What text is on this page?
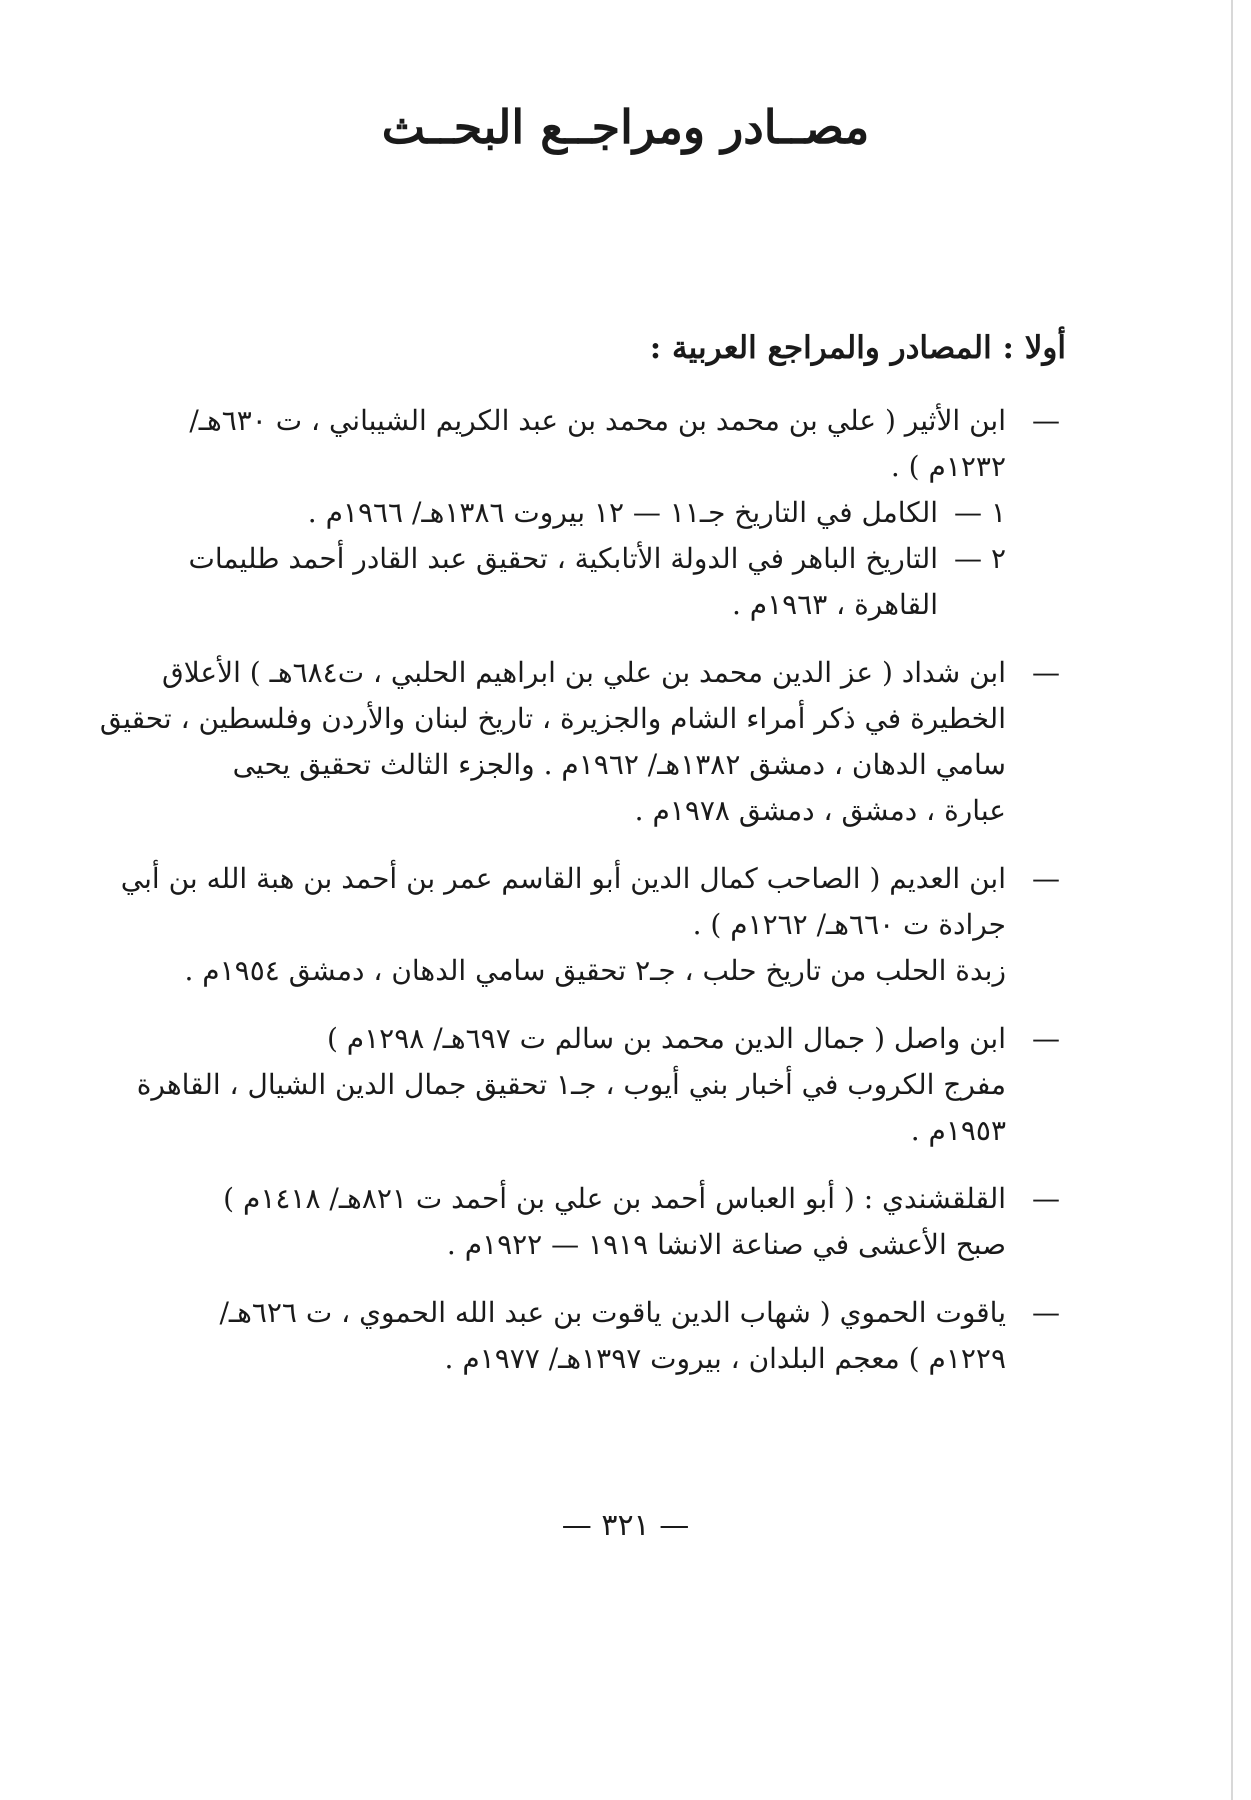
مصــادر ومراجــع البحــث
أولا : المصادر والمراجع العربية :
—
ابن الأثير ( علي بن محمد بن محمد بن عبد الكريم الشيباني ، ت ٦٣٠هـ/
١٢٣٢م ) .
١ —
الكامل في التاريخ جـ١١ — ١٢ بيروت ١٣٨٦هـ/ ١٩٦٦م .
٢ —
التاريخ الباهر في الدولة الأتابكية ، تحقيق عبد القادر أحمد طليمات
القاهرة ، ١٩٦٣م .
—
ابن شداد ( عز الدين محمد بن علي بن ابراهيم الحلبي ، ت٦٨٤هـ ) الأعلاق
الخطيرة في ذكر أمراء الشام والجزيرة ، تاريخ لبنان والأردن وفلسطين ، تحقيق
سامي الدهان ، دمشق ١٣٨٢هـ/ ١٩٦٢م . والجزء الثالث تحقيق يحيى
عبارة ، دمشق ، دمشق ١٩٧٨م .
—
ابن العديم ( الصاحب كمال الدين أبو القاسم عمر بن أحمد بن هبة الله بن أبي
جرادة ت ٦٦٠هـ/ ١٢٦٢م ) .
زبدة الحلب من تاريخ حلب ، جـ٢ تحقيق سامي الدهان ، دمشق ١٩٥٤م .
—
ابن واصل ( جمال الدين محمد بن سالم ت ٦٩٧هـ/ ١٢٩٨م )
مفرج الكروب في أخبار بني أيوب ، جـ١ تحقيق جمال الدين الشيال ، القاهرة
١٩٥٣م .
—
القلقشندي : ( أبو العباس أحمد بن علي بن أحمد ت ٨٢١هـ/ ١٤١٨م )
صبح الأعشى في صناعة الانشا ١٩١٩ — ١٩٢٢م .
—
ياقوت الحموي ( شهاب الدين ياقوت بن عبد الله الحموي ، ت ٦٢٦هـ/
١٢٢٩م ) معجم البلدان ، بيروت ١٣٩٧هـ/ ١٩٧٧م .

— ٣٢١ —
